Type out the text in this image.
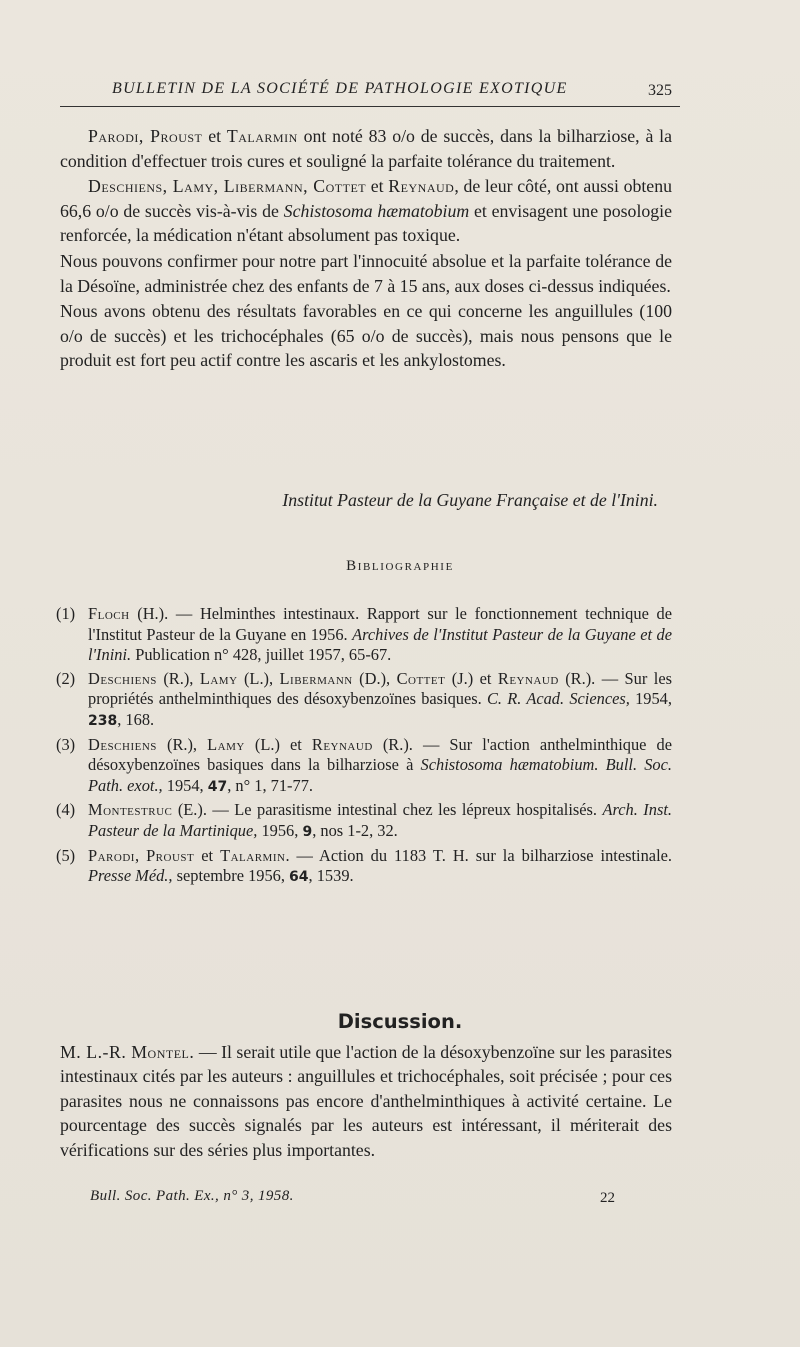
BULLETIN DE LA SOCIÉTÉ DE PATHOLOGIE EXOTIQUE	325

Parodi, Proust et Talarmin ont noté 83 o/o de succès, dans la bilharziose, à la condition d'effectuer trois cures et souligné la parfaite tolérance du traitement.

Deschiens, Lamy, Libermann, Cottet et Reynaud, de leur côté, ont aussi obtenu 66,6 o/o de succès vis-à-vis de Schistosoma hæmatobium et envisagent une posologie renforcée, la médication n'étant absolument pas toxique.

Nous pouvons confirmer pour notre part l'innocuité absolue et la parfaite tolérance de la Désoïne, administrée chez des enfants de 7 à 15 ans, aux doses ci-dessus indiquées.

Nous avons obtenu des résultats favorables en ce qui concerne les anguillules (100 o/o de succès) et les trichocéphales (65 o/o de succès), mais nous pensons que le produit est fort peu actif contre les ascaris et les ankylostomes.

Institut Pasteur de la Guyane Française et de l'Inini.
Bibliographie
(1) Floch (H.). — Helminthes intestinaux. Rapport sur le fonctionnement technique de l'Institut Pasteur de la Guyane en 1956. Archives de l'Institut Pasteur de la Guyane et de l'Inini. Publication n° 428, juillet 1957, 65-67.
(2) Deschiens (R.), Lamy (L.), Libermann (D.), Cottet (J.) et Reynaud (R.). — Sur les propriétés anthelminthiques des désoxybenzoïnes basiques. C. R. Acad. Sciences, 1954, 238, 168.
(3) Deschiens (R.), Lamy (L.) et Reynaud (R.). — Sur l'action anthelminthique de désoxybenzoïnes basiques dans la bilharziose à Schistosoma hæmatobium. Bull. Soc. Path. exot., 1954, 47, n° 1, 71-77.
(4) Montestruc (E.). — Le parasitisme intestinal chez les lépreux hospitalisés. Arch. Inst. Pasteur de la Martinique, 1956, 9, nos 1-2, 32.
(5) Parodi, Proust et Talarmin. — Action du 1183 T. H. sur la bilharziose intestinale. Presse Méd., septembre 1956, 64, 1539.
Discussion.
M. L.-R. Montel. — Il serait utile que l'action de la désoxybenzoïne sur les parasites intestinaux cités par les auteurs : anguillules et trichocéphales, soit précisée ; pour ces parasites nous ne connaissons pas encore d'anthelminthiques à activité certaine. Le pourcentage des succès signalés par les auteurs est intéressant, il mériterait des vérifications sur des séries plus importantes.
Bull. Soc. Path. Ex., n° 3, 1958.	22
